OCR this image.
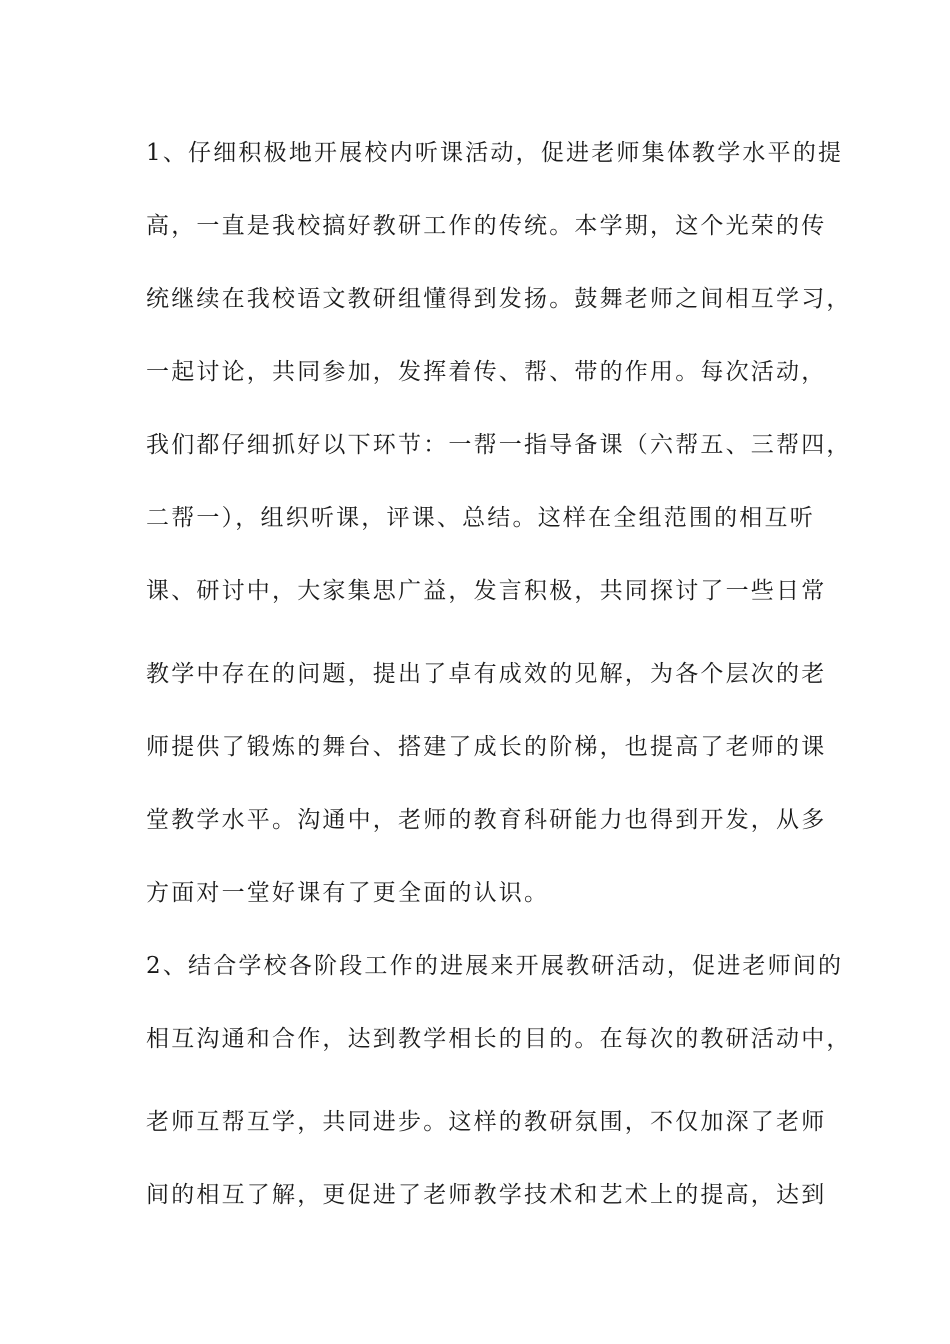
1、仔细积极地开展校内听课活动，促进老师集体教学水平的提
高，一直是我校搞好教研工作的传统。本学期，这个光荣的传
统继续在我校语文教研组懂得到发扬。鼓舞老师之间相互学习，
一起讨论，共同参加，发挥着传、帮、带的作用。每次活动，
我们都仔细抓好以下环节：一帮一指导备课（六帮五、三帮四，
二帮一），组织听课，评课、总结。这样在全组范围的相互听
课、研讨中，大家集思广益，发言积极，共同探讨了一些日常
教学中存在的问题，提出了卓有成效的见解，为各个层次的老
师提供了锻炼的舞台、搭建了成长的阶梯，也提高了老师的课
堂教学水平。沟通中，老师的教育科研能力也得到开发，从多
方面对一堂好课有了更全面的认识。
2、结合学校各阶段工作的进展来开展教研活动，促进老师间的
相互沟通和合作，达到教学相长的目的。在每次的教研活动中，
老师互帮互学，共同进步。这样的教研氛围，不仅加深了老师
间的相互了解，更促进了老师教学技术和艺术上的提高，达到
